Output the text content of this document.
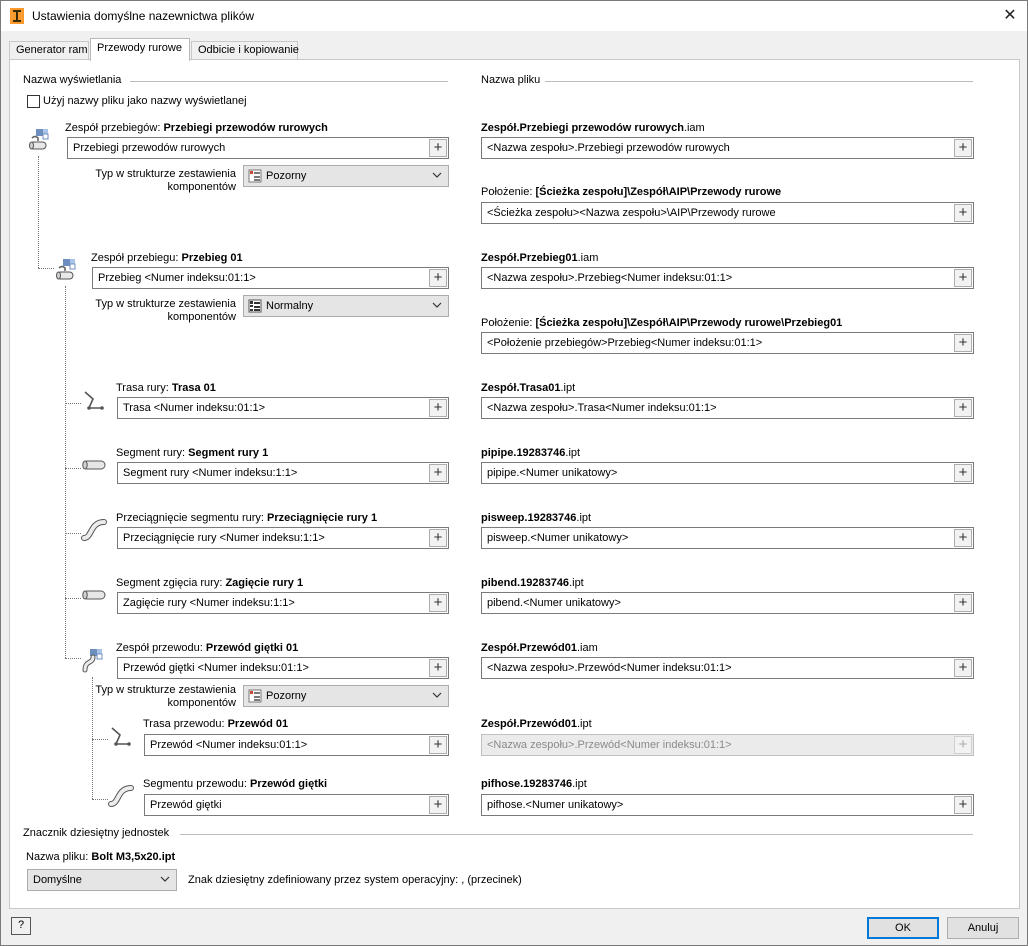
Ustawienia domyślne nazewnictwa plików	✕
Generator ram Przewody rurowe	Odbicie i kopiowanie
Nazwa wyświetlania	Nazwa pliku
Użyj nazwy pliku jako nazwy wyświetlanej
Zespół przebiegów: Przebiegi przewodów rurowych
Przebiegi przewodów rurowych	+
Typ w strukturze zestawienia
komponentów
Pozorny
Zespół.Przebiegi przewodów rurowych.iam
<Nazwa zespołu>.Przebiegi przewodów rurowych	+
Położenie: [Ścieżka zespołu]\Zespół\AIP\Przewody rurowe
<Ścieżka zespołu><Nazwa zespołu>\AIP\Przewody rurowe	+
Zespół przebiegu: Przebieg 01
Przebieg <Numer indeksu:01:1>	+
Typ w strukturze zestawienia
komponentów
Normalny
Zespół.Przebieg01.iam
<Nazwa zespołu>.Przebieg<Numer indeksu:01:1>	+
Położenie: [Ścieżka zespołu]\Zespół\AIP\Przewody rurowe\Przebieg01
<Położenie przebiegów>Przebieg<Numer indeksu:01:1>	+
Trasa rury: Trasa 01
Trasa <Numer indeksu:01:1>	+
Zespół.Trasa01.ipt
<Nazwa zespołu>.Trasa<Numer indeksu:01:1>	+
Segment rury: Segment rury 1
Segment rury <Numer indeksu:1:1>	+
pipipe.19283746.ipt
pipipe.<Numer unikatowy>	+
Przeciągnięcie segmentu rury: Przeciągnięcie rury 1
Przeciągnięcie rury <Numer indeksu:1:1>	+
pisweep.19283746.ipt
pisweep.<Numer unikatowy>	+
Segment zgięcia rury: Zagięcie rury 1
Zagięcie rury <Numer indeksu:1:1>	+
pibend.19283746.ipt
pibend.<Numer unikatowy>	+
Zespół przewodu: Przewód giętki 01
Przewód giętki <Numer indeksu:01:1>	+
Typ w strukturze zestawienia
komponentów
Pozorny
Zespół.Przewód01.iam
<Nazwa zespołu>.Przewód<Numer indeksu:01:1>	+
Trasa przewodu: Przewód 01
Przewód <Numer indeksu:01:1>	+
Zespół.Przewód01.ipt
<Nazwa zespołu>.Przewód<Numer indeksu:01:1>	+
Segmentu przewodu: Przewód giętki
Przewód giętki	+
pifhose.19283746.ipt
pifhose.<Numer unikatowy>	+
Znacznik dziesiętny jednostek
Nazwa pliku: Bolt M3,5x20.ipt
Domyślne	Znak dziesiętny zdefiniowany przez system operacyjny: , (przecinek)
?	OK	Anuluj
